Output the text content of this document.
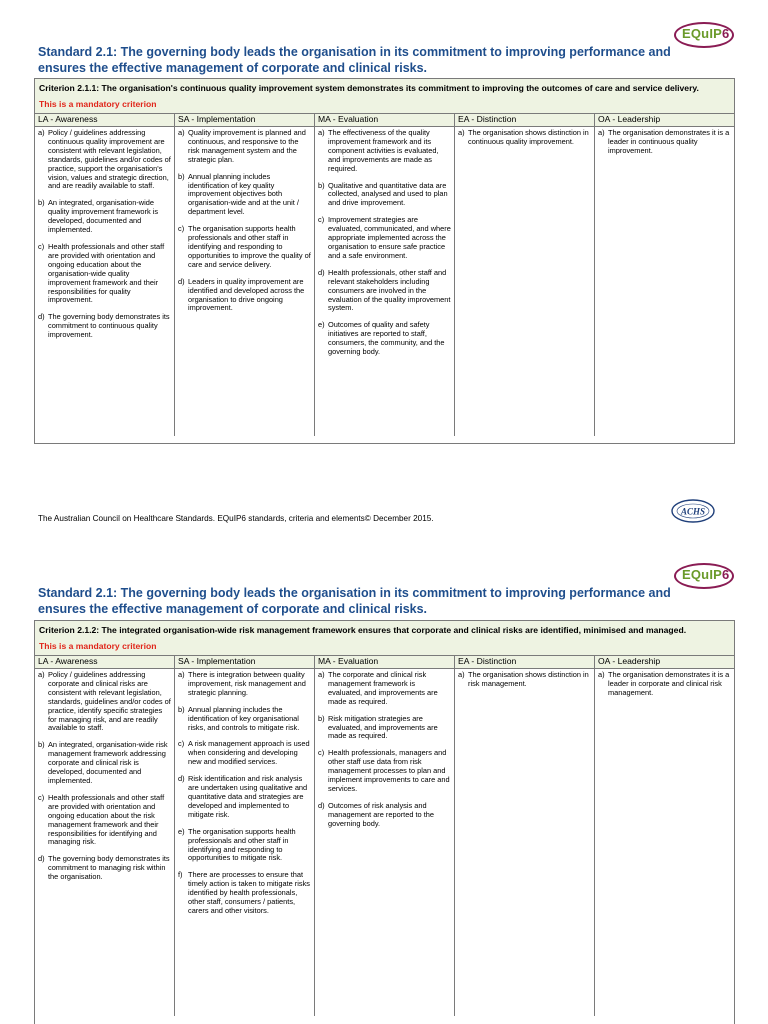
Standard 2.1: The governing body leads the organisation in its commitment to improving performance and ensures the effective management of corporate and clinical risks.
EQuIP6
Criterion 2.1.1: The organisation's continuous quality improvement system demonstrates its commitment to improving the outcomes of care and service delivery.
This is a mandatory criterion
LA - Awareness
a) Policy / guidelines addressing continuous quality improvement are consistent with relevant legislation, standards, guidelines and/or codes of practice, support the organisation's vision, values and strategic direction, and are readily available to staff.
b) An integrated, organisation-wide quality improvement framework is developed, documented and implemented.
c) Health professionals and other staff are provided with orientation and ongoing education about the organisation-wide quality improvement framework and their responsibilities for quality improvement.
d) The governing body demonstrates its commitment to continuous quality improvement.
SA - Implementation
a) Quality improvement is planned and continuous, and responsive to the risk management system and the strategic plan.
b) Annual planning includes identification of key quality improvement objectives both organisation-wide and at the unit / department level.
c) The organisation supports health professionals and other staff in identifying and responding to opportunities to improve the quality of care and service delivery.
d) Leaders in quality improvement are identified and developed across the organisation to drive ongoing improvement.
MA - Evaluation
a) The effectiveness of the quality improvement framework and its component activities is evaluated, and improvements are made as required.
b) Qualitative and quantitative data are collected, analysed and used to plan and drive improvement.
c) Improvement strategies are evaluated, communicated, and where appropriate implemented across the organisation to ensure safe practice and a safe environment.
d) Health professionals, other staff and relevant stakeholders including consumers are involved in the evaluation of the quality improvement system.
e) Outcomes of quality and safety initiatives are reported to staff, consumers, the community, and the governing body.
EA - Distinction
a) The organisation shows distinction in continuous quality improvement.
OA - Leadership
a) The organisation demonstrates it is a leader in continuous quality improvement.
The Australian Council on Healthcare Standards. EQuIP6 standards, criteria and elements© December 2015.
ACHS
Standard 2.1: The governing body leads the organisation in its commitment to improving performance and ensures the effective management of corporate and clinical risks.
EQuIP6
Criterion 2.1.2: The integrated organisation-wide risk management framework ensures that corporate and clinical risks are identified, minimised and managed.
This is a mandatory criterion
LA - Awareness
a) Policy / guidelines addressing corporate and clinical risks are consistent with relevant legislation, standards, guidelines and/or codes of practice, identify specific strategies for managing risk, and are readily available to staff.
b) An integrated, organisation-wide risk management framework addressing corporate and clinical risk is developed, documented and implemented.
c) Health professionals and other staff are provided with orientation and ongoing education about the risk management framework and their responsibilities for identifying and managing risk.
d) The governing body demonstrates its commitment to managing risk within the organisation.
SA - Implementation
a) There is integration between quality improvement, risk management and strategic planning.
b) Annual planning includes the identification of key organisational risks, and controls to mitigate risk.
c) A risk management approach is used when considering and developing new and modified services.
d) Risk identification and risk analysis are undertaken using qualitative and quantitative data and strategies are developed and implemented to mitigate risk.
e) The organisation supports health professionals and other staff in identifying and responding to opportunities to mitigate risk.
f) There are processes to ensure that timely action is taken to mitigate risks identified by health professionals, other staff, consumers / patients, carers and other visitors.
MA - Evaluation
a) The corporate and clinical risk management framework is evaluated, and improvements are made as required.
b) Risk mitigation strategies are evaluated, and improvements are made as required.
c) Health professionals, managers and other staff use data from risk management processes to plan and implement improvements to care and services.
d) Outcomes of risk analysis and management are reported to the governing body.
EA - Distinction
a) The organisation shows distinction in risk management.
OA - Leadership
a) The organisation demonstrates it is a leader in corporate and clinical risk management.
